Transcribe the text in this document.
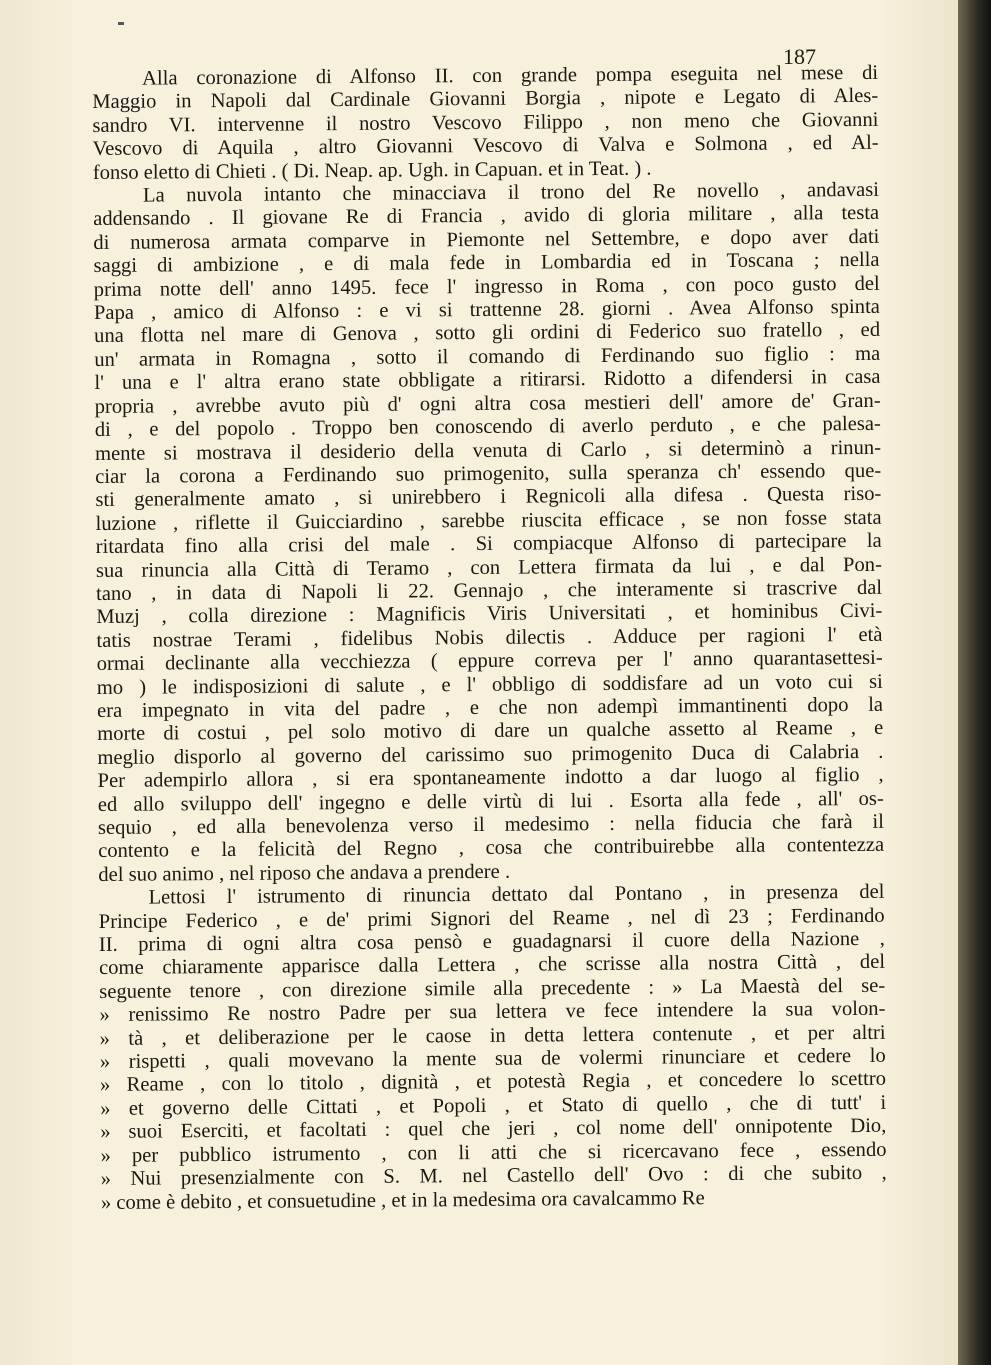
187
Alla coronazione di Alfonso II. con grande pompa eseguita nel mese di
Maggio in Napoli dal Cardinale Giovanni Borgia , nipote e Legato di Ales-
sandro VI. intervenne il nostro Vescovo Filippo , non meno che Giovanni
Vescovo di Aquila , altro Giovanni Vescovo di Valva e Solmona , ed Al-
fonso eletto di Chieti . ( Di. Neap. ap. Ugh. in Capuan. et in Teat. ) .
La nuvola intanto che minacciava il trono del Re novello , andavasi
addensando . Il giovane Re di Francia , avido di gloria militare , alla testa
di numerosa armata comparve in Piemonte nel Settembre, e dopo aver dati
saggi di ambizione , e di mala fede in Lombardia ed in Toscana ; nella
prima notte dell' anno 1495. fece l' ingresso in Roma , con poco gusto del
Papa , amico di Alfonso : e vi si trattenne 28. giorni . Avea Alfonso spinta
una flotta nel mare di Genova , sotto gli ordini di Federico suo fratello , ed
un' armata in Romagna , sotto il comando di Ferdinando suo figlio : ma
l' una e l' altra erano state obbligate a ritirarsi. Ridotto a difendersi in casa
propria , avrebbe avuto più d' ogni altra cosa mestieri dell' amore de' Gran-
di , e del popolo . Troppo ben conoscendo di averlo perduto , e che palesa-
mente si mostrava il desiderio della venuta di Carlo , si determinò a rinun-
ciar la corona a Ferdinando suo primogenito, sulla speranza ch' essendo que-
sti generalmente amato , si unirebbero i Regnicoli alla difesa . Questa riso-
luzione , riflette il Guicciardino , sarebbe riuscita efficace , se non fosse stata
ritardata fino alla crisi del male . Si compiacque Alfonso di partecipare la
sua rinuncia alla Città di Teramo , con Lettera firmata da lui , e dal Pon-
tano , in data di Napoli li 22. Gennajo , che interamente si trascrive dal
Muzj , colla direzione : Magnificis Viris Universitati , et hominibus Civi-
tatis nostrae Terami , fidelibus Nobis dilectis . Adduce per ragioni l' età
ormai declinante alla vecchiezza ( eppure correva per l' anno quarantasettesi-
mo ) le indisposizioni di salute , e l' obbligo di soddisfare ad un voto cui si
era impegnato in vita del padre , e che non adempì immantinenti dopo la
morte di costui , pel solo motivo di dare un qualche assetto al Reame , e
meglio disporlo al governo del carissimo suo primogenito Duca di Calabria .
Per adempirlo allora , si era spontaneamente indotto a dar luogo al figlio ,
ed allo sviluppo dell' ingegno e delle virtù di lui . Esorta alla fede , all' os-
sequio , ed alla benevolenza verso il medesimo : nella fiducia che farà il
contento e la felicità del Regno , cosa che contribuirebbe alla contentezza
del suo animo , nel riposo che andava a prendere .
Lettosi l' istrumento di rinuncia dettato dal Pontano , in presenza del
Principe Federico , e de' primi Signori del Reame , nel dì 23 ; Ferdinando
II. prima di ogni altra cosa pensò e guadagnarsi il cuore della Nazione ,
come chiaramente apparisce dalla Lettera , che scrisse alla nostra Città , del
seguente tenore , con direzione simile alla precedente : » La Maestà del se-
» renissimo Re nostro Padre per sua lettera ve fece intendere la sua volon-
» tà , et deliberazione per le caose in detta lettera contenute , et per altri
» rispetti , quali movevano la mente sua de volermi rinunciare et cedere lo
» Reame , con lo titolo , dignità , et potestà Regia , et concedere lo scettro
» et governo delle Cittati , et Popoli , et Stato di quello , che di tutt' i
» suoi Eserciti, et facoltati : quel che jeri , col nome dell' onnipotente Dio,
» per pubblico istrumento , con li atti che si ricercavano fece , essendo
» Nui presenzialmente con S. M. nel Castello dell' Ovo : di che subito ,
» come è debito , et consuetudine , et in la medesima ora cavalcammo Re
